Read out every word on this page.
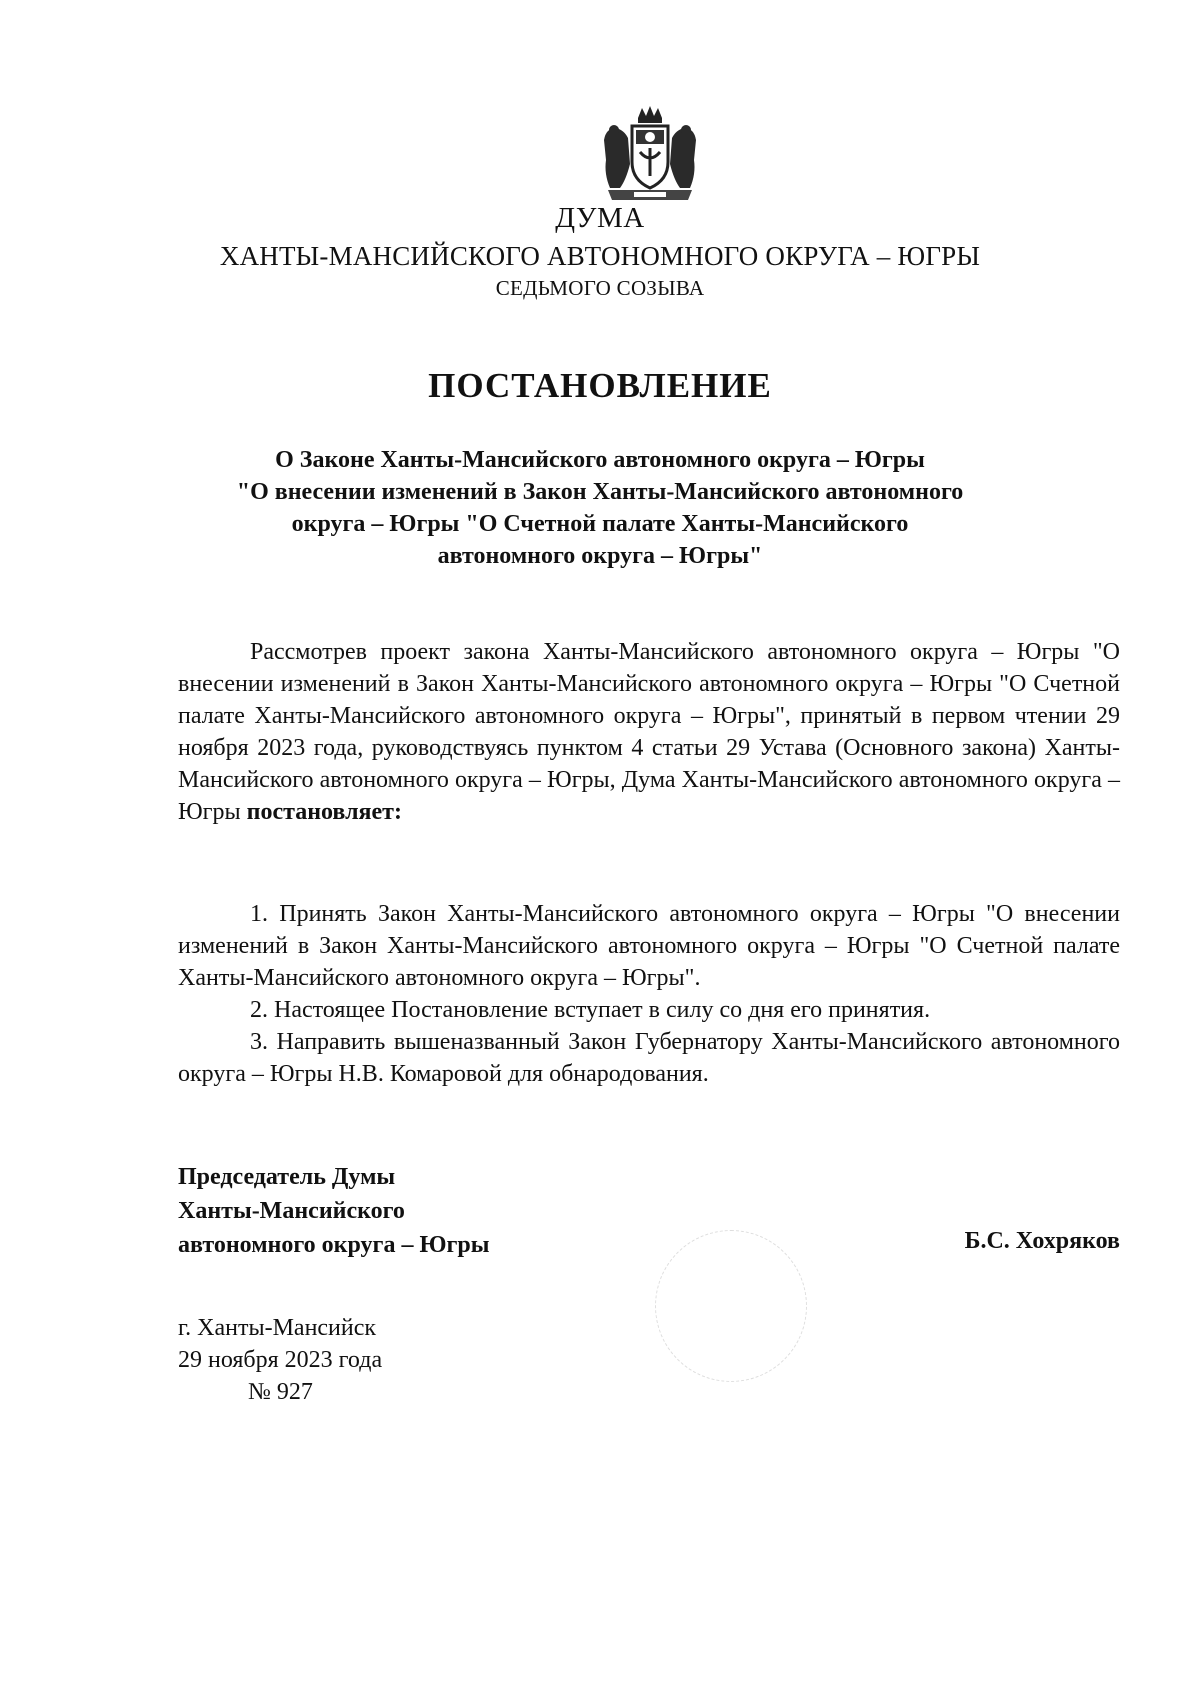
ДУМА
ХАНТЫ-МАНСИЙСКОГО АВТОНОМНОГО ОКРУГА – ЮГРЫ
СЕДЬМОГО СОЗЫВА
ПОСТАНОВЛЕНИЕ
О Законе Ханты-Мансийского автономного округа – Югры
"О внесении изменений в Закон Ханты-Мансийского автономного
округа – Югры "О Счетной палате Ханты-Мансийского
автономного округа – Югры"

Рассмотрев проект закона Ханты-Мансийского автономного округа – Югры "О внесении изменений в Закон Ханты-Мансийского автономного округа – Югры "О Счетной палате Ханты-Мансийского автономного округа – Югры", принятый в первом чтении 29 ноября 2023 года, руководствуясь пунктом 4 статьи 29 Устава (Основного закона) Ханты-Мансийского автономного округа – Югры, Дума Ханты-Мансийского автономного округа – Югры постановляет:

1. Принять Закон Ханты-Мансийского автономного округа – Югры "О внесении изменений в Закон Ханты-Мансийского автономного округа – Югры "О Счетной палате Ханты-Мансийского автономного округа – Югры".

2. Настоящее Постановление вступает в силу со дня его принятия.

3. Направить вышеназванный Закон Губернатору Ханты-Мансийского автономного округа – Югры Н.В. Комаровой для обнародования.

Председатель Думы
Ханты-Мансийского
автономного округа – Югры	Б.С. Хохряков
г. Ханты-Мансийск
29 ноября 2023 года
№ 927
